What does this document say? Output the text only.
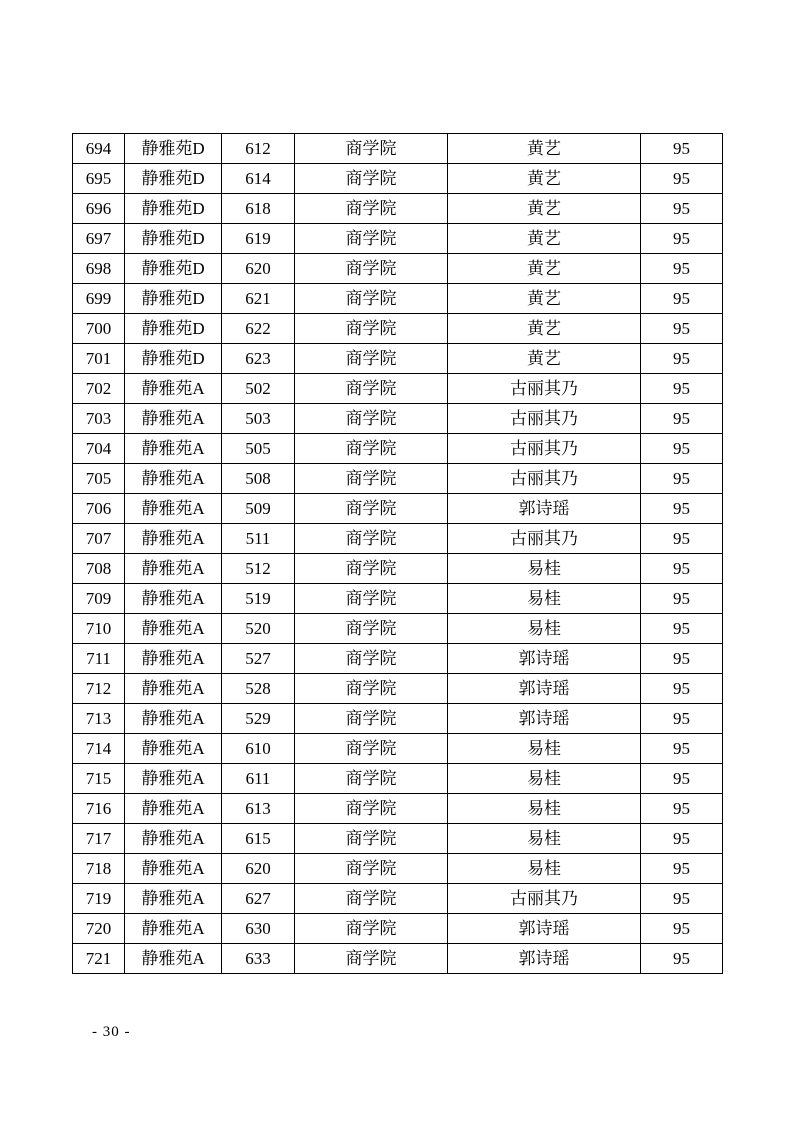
694	静雅苑D	612	商学院	黄艺	95
695	静雅苑D	614	商学院	黄艺	95
696	静雅苑D	618	商学院	黄艺	95
697	静雅苑D	619	商学院	黄艺	95
698	静雅苑D	620	商学院	黄艺	95
699	静雅苑D	621	商学院	黄艺	95
700	静雅苑D	622	商学院	黄艺	95
701	静雅苑D	623	商学院	黄艺	95
702	静雅苑A	502	商学院	古丽其乃	95
703	静雅苑A	503	商学院	古丽其乃	95
704	静雅苑A	505	商学院	古丽其乃	95
705	静雅苑A	508	商学院	古丽其乃	95
706	静雅苑A	509	商学院	郭诗瑶	95
707	静雅苑A	511	商学院	古丽其乃	95
708	静雅苑A	512	商学院	易桂	95
709	静雅苑A	519	商学院	易桂	95
710	静雅苑A	520	商学院	易桂	95
711	静雅苑A	527	商学院	郭诗瑶	95
712	静雅苑A	528	商学院	郭诗瑶	95
713	静雅苑A	529	商学院	郭诗瑶	95
714	静雅苑A	610	商学院	易桂	95
715	静雅苑A	611	商学院	易桂	95
716	静雅苑A	613	商学院	易桂	95
717	静雅苑A	615	商学院	易桂	95
718	静雅苑A	620	商学院	易桂	95
719	静雅苑A	627	商学院	古丽其乃	95
720	静雅苑A	630	商学院	郭诗瑶	95
721	静雅苑A	633	商学院	郭诗瑶	95
- 30 -
